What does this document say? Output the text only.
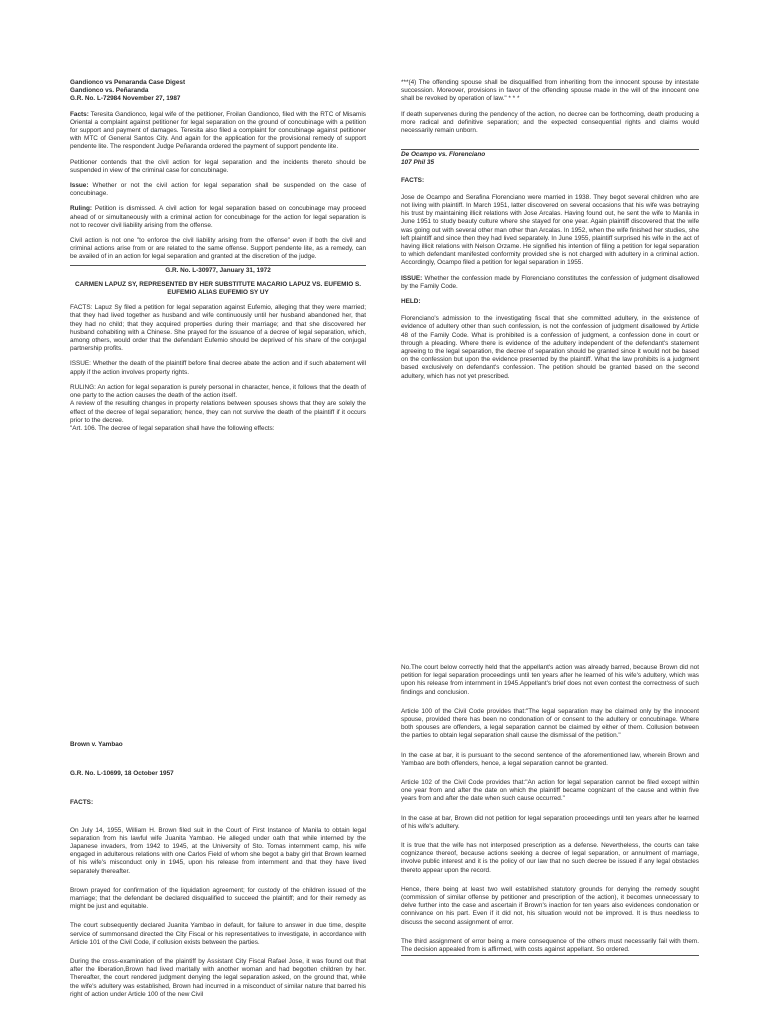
Gandionco vs Penaranda Case Digest

Gandionco vs. Peñaranda

G.R. No. L-72984 November 27, 1987

Facts: Teresita Gandionco, legal wife of the petitioner, Froilan Gandionco, filed with the RTC of Misamis Oriental a complaint against petitioner for legal separation on the ground of concubinage with a petition for support and payment of damages. Teresita also filed a complaint for concubinage against petitioner with MTC of General Santos City. And again for the application for the provisional remedy of support pendente lite. The respondent Judge Peñaranda ordered the payment of support pendente lite.

Petitioner contends that the civil action for legal separation and the incidents thereto should be suspended in view of the criminal case for concubinage.

Issue: Whether or not the civil action for legal separation shall be suspended on the case of concubinage.

Ruling: Petition is dismissed. A civil action for legal separation based on concubinage may proceed ahead of or simultaneously with a criminal action for concubinage for the action for legal separation is not to recover civil liability arising from the offense.

Civil action is not one "to enforce the civil liability arising from the offense" even if both the civil and criminal actions arise from or are related to the same offense. Support pendente lite, as a remedy, can be availed of in an action for legal separation and granted at the discretion of the judge.

G.R. No. L-30977, January 31, 1972

CARMEN LAPUZ SY, REPRESENTED BY HER SUBSTITUTE MACARIO LAPUZ VS. EUFEMIO S. EUFEMIO ALIAS EUFEMIO SY UY

FACTS: Lapuz Sy filed a petition for legal separation against Eufemio, alleging that they were married; that they had lived together as husband and wife continuously until her husband abandoned her, that they had no child; that they acquired properties during their marriage; and that she discovered her husband cohabiting with a Chinese. She prayed for the issuance of a decree of legal separation, which, among others, would order that the defendant Eufemio should be deprived of his share of the conjugal partnership profits.

ISSUE: Whether the death of the plaintiff before final decree abate the action and if such abatement will apply if the action involves property rights.

RULING: An action for legal separation is purely personal in character, hence, it follows that the death of one party to the action causes the death of the action itself.

A review of the resulting changes in property relations between spouses shows that they are solely the effect of the decree of legal separation; hence, they can not survive the death of the plaintiff if it occurs prior to the decree.

"Art. 106. The decree of legal separation shall have the following effects:

***(4) The offending spouse shall be disqualified from inheriting from the innocent spouse by intestate succession. Moreover, provisions in favor of the offending spouse made in the will of the innocent one shall be revoked by operation of law." * * *

If death supervenes during the pendency of the action, no decree can be forthcoming, death producing a more radical and definitive separation; and the expected consequential rights and claims would necessarily remain unborn.

De Ocampo vs. Florenciano

107 Phil 35

FACTS:

Jose de Ocampo and Serafina Florenciano were married in 1938. They begot several children who are not living with plaintiff. In March 1951, latter discovered on several occasions that his wife was betraying his trust by maintaining illicit relations with Jose Arcalas. Having found out, he sent the wife to Manila in June 1951 to study beauty culture where she stayed for one year. Again plaintiff discovered that the wife was going out with several other man other than Arcalas. In 1952, when the wife finished her studies, she left plaintiff and since then they had lived separately. In June 1955, plaintiff surprised his wife in the act of having illicit relations with Nelson Orzame. He signified his intention of filing a petition for legal separation to which defendant manifested conformity provided she is not charged with adultery in a criminal action. Accordingly, Ocampo filed a petition for legal separation in 1955.

ISSUE: Whether the confession made by Florenciano constitutes the confession of judgment disallowed by the Family Code.

HELD:

Florenciano's admission to the investigating fiscal that she committed adultery, in the existence of evidence of adultery other than such confession, is not the confession of judgment disallowed by Article 48 of the Family Code. What is prohibited is a confession of judgment, a confession done in court or through a pleading. Where there is evidence of the adultery independent of the defendant's statement agreeing to the legal separation, the decree of separation should be granted since it would not be based on the confession but upon the evidence presented by the plaintiff. What the law prohibits is a judgment based exclusively on defendant's confession. The petition should be granted based on the second adultery, which has not yet prescribed.

Brown v. Yambao

G.R. No. L-10699, 18 October 1957

FACTS:

On July 14, 1955, William H. Brown filed suit in the Court of First Instance of Manila to obtain legal separation from his lawful wife Juanita Yambao. He alleged under oath that while interned by the Japanese invaders, from 1942 to 1945, at the University of Sto. Tomas internment camp, his wife engaged in adulterous relations with one Carlos Field of whom she begot a baby girl that Brown learned of his wife's misconduct only in 1945, upon his release from internment and that they have lived separately thereafter.

Brown prayed for confirmation of the liquidation agreement; for custody of the children issued of the marriage; that the defendant be declared disqualified to succeed the plaintiff; and for their remedy as might be just and equitable.

The court subsequently declared Juanita Yambao in default, for failure to answer in due time, despite service of summonsand directed the City Fiscal or his representatives to investigate, in accordance with Article 101 of the Civil Code, if collusion exists between the parties.

During the cross-examination of the plaintiff by Assistant City Fiscal Rafael Jose, it was found out that after the liberation,Brown had lived maritally with another woman and had begotten children by her. Thereafter, the court rendered judgment denying the legal separation asked, on the ground that, while the wife's adultery was established, Brown had incurred in a misconduct of similar nature that barred his right of action under Article 100 of the new Civil

No.The court below correctly held that the appellant's action was already barred, because Brown did not petition for legal separation proceedings until ten years after he learned of his wife's adultery, which was upon his release from internment in 1945.Appellant's brief does not even contest the correctness of such findings and conclusion.

Article 100 of the Civil Code provides that:"The legal separation may be claimed only by the innocent spouse, provided there has been no condonation of or consent to the adultery or concubinage. Where both spouses are offenders, a legal separation cannot be claimed by either of them. Collusion between the parties to obtain legal separation shall cause the dismissal of the petition."

In the case at bar, it is pursuant to the second sentence of the aforementioned law, wherein Brown and Yambao are both offenders, hence, a legal separation cannot be granted.

Article 102 of the Civil Code provides that:"An action for legal separation cannot be filed except within one year from and after the date on which the plaintiff became cognizant of the cause and within five years from and after the date when such cause occurred."

In the case at bar, Brown did not petition for legal separation proceedings until ten years after he learned of his wife's adultery.

It is true that the wife has not interposed prescription as a defense. Nevertheless, the courts can take cognizance thereof, because actions seeking a decree of legal separation, or annulment of marriage, involve public interest and it is the policy of our law that no such decree be issued if any legal obstacles thereto appear upon the record.

Hence, there being at least two well established statutory grounds for denying the remedy sought (commission of similar offense by petitioner and prescription of the action), it becomes unnecessary to delve further into the case and ascertain if Brown's inaction for ten years also evidences condonation or connivance on his part. Even if it did not, his situation would not be improved. It is thus needless to discuss the second assignment of error.

The third assignment of error being a mere consequence of the others must necessarily fail with them. The decision appealed from is affirmed, with costs against appellant. So ordered.
